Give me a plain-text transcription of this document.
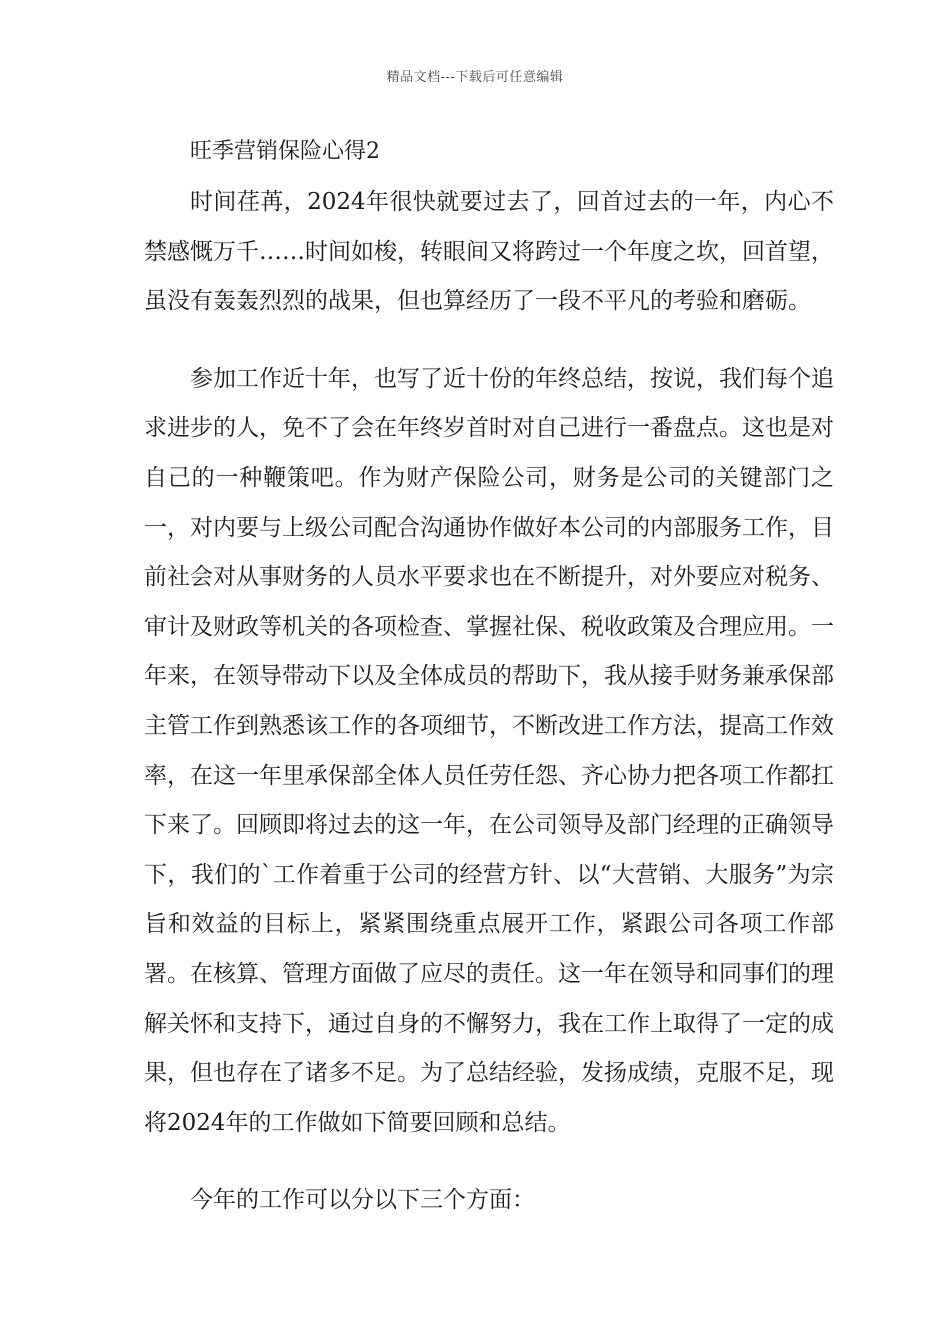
精品文档---下载后可任意编辑
旺季营销保险心得2

时间荏苒，2024年很快就要过去了，回首过去的一年，内心不禁感慨万千……时间如梭，转眼间又将跨过一个年度之坎，回首望，虽没有轰轰烈烈的战果，但也算经历了一段不平凡的考验和磨砺。

参加工作近十年，也写了近十份的年终总结，按说，我们每个追求进步的人，免不了会在年终岁首时对自己进行一番盘点。这也是对自己的一种鞭策吧。作为财产保险公司，财务是公司的关键部门之一，对内要与上级公司配合沟通协作做好本公司的内部服务工作，目前社会对从事财务的人员水平要求也在不断提升，对外要应对税务、审计及财政等机关的各项检查、掌握社保、税收政策及合理应用。一年来，在领导带动下以及全体成员的帮助下，我从接手财务兼承保部主管工作到熟悉该工作的各项细节，不断改进工作方法，提高工作效率，在这一年里承保部全体人员任劳任怨、齐心协力把各项工作都扛下来了。回顾即将过去的这一年，在公司领导及部门经理的正确领导下，我们的`工作着重于公司的经营方针、以“大营销、大服务”为宗旨和效益的目标上，紧紧围绕重点展开工作，紧跟公司各项工作部署。在核算、管理方面做了应尽的责任。这一年在领导和同事们的理解关怀和支持下，通过自身的不懈努力，我在工作上取得了一定的成果，但也存在了诸多不足。为了总结经验，发扬成绩，克服不足，现将2024年的工作做如下简要回顾和总结。

今年的工作可以分以下三个方面：
